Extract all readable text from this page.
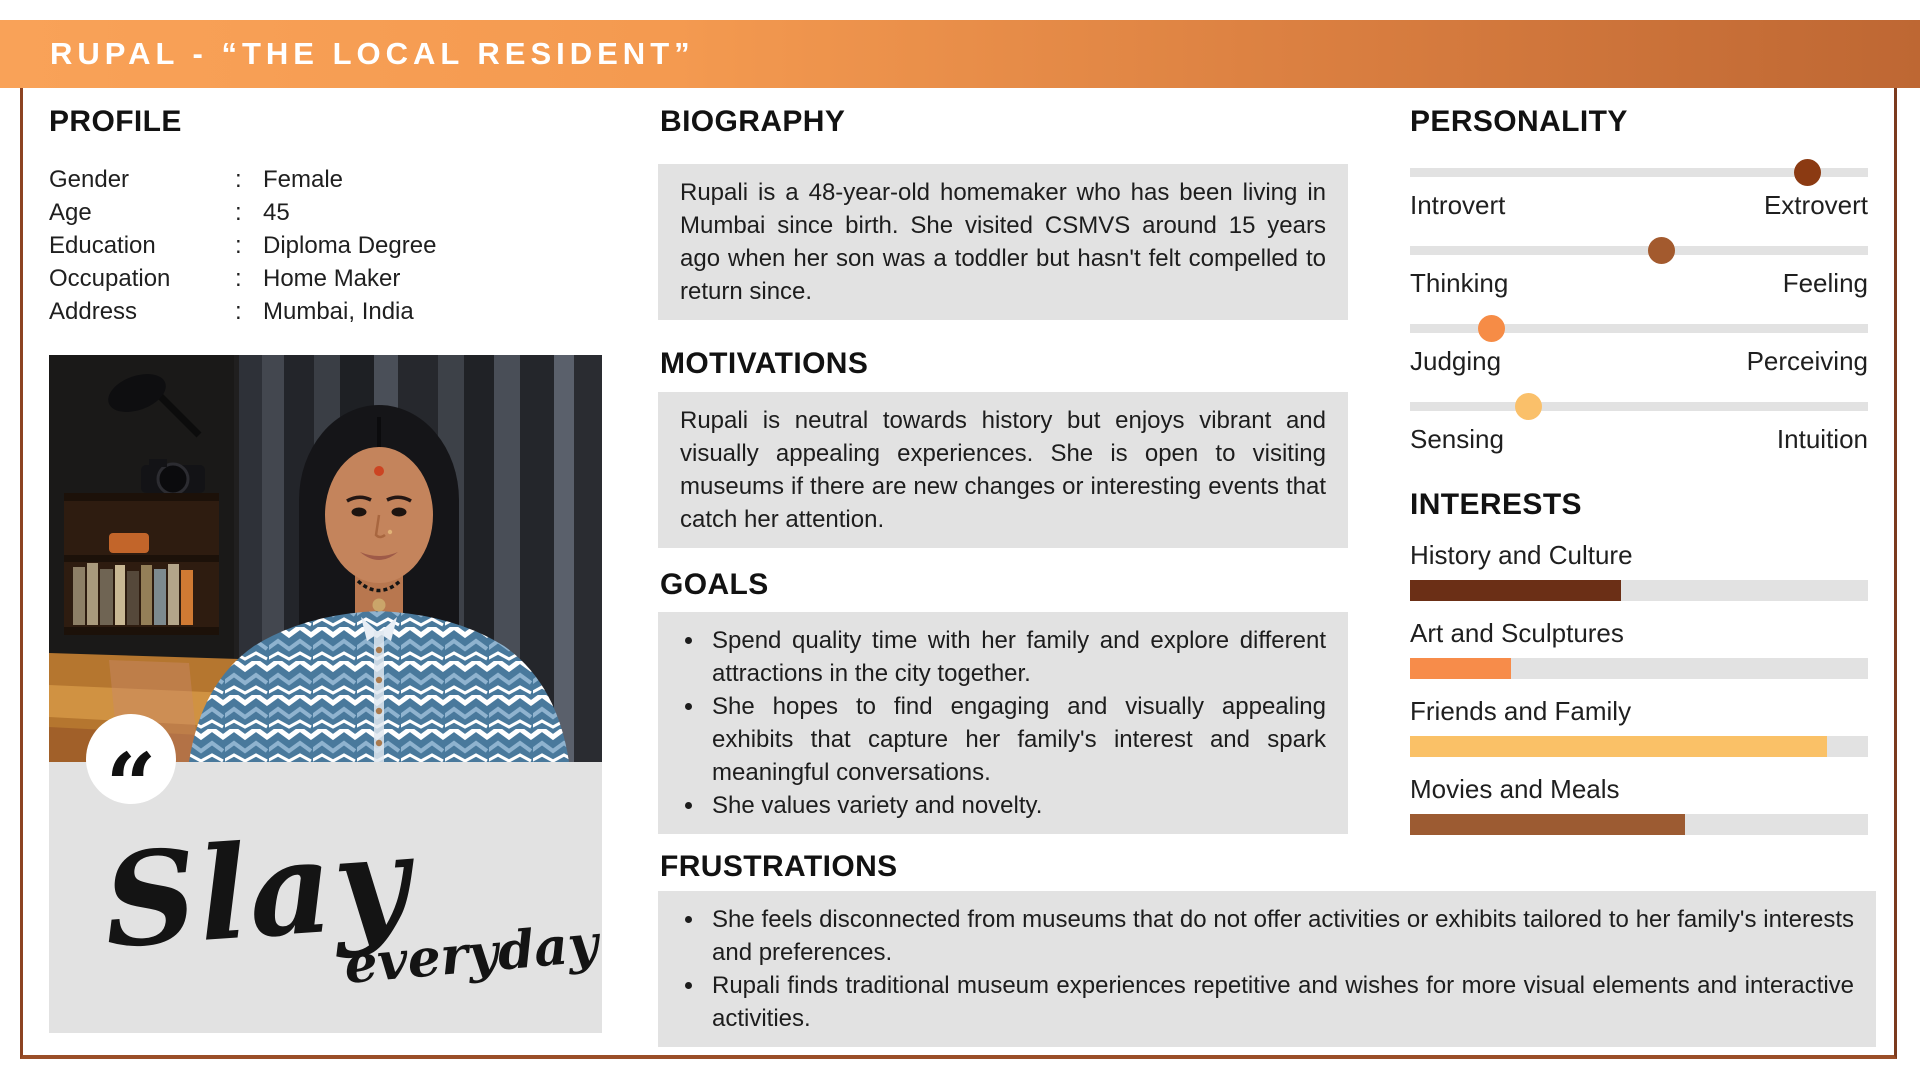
RUPAL - “THE LOCAL RESIDENT”
PROFILE
Gender	: Female
Age	: 45
Education	: Diploma Degree
Occupation	: Home Maker
Address	: Mumbai, India
Slay
everyday
“
BIOGRAPHY

Rupali is a 48-year-old homemaker who has been living in Mumbai since birth. She visited CSMVS around 15 years ago when her son was a toddler but hasn't felt compelled to return since.

MOTIVATIONS

Rupali is neutral towards history but enjoys vibrant and visually appealing experiences. She is open to visiting museums if there are new changes or interesting events that catch her attention.

GOALS
• Spend quality time with her family and explore different attractions in the city together.
• She hopes to find engaging and visually appealing exhibits that capture her family's interest and spark meaningful conversations.
• She values variety and novelty.
FRUSTRATIONS
• She feels disconnected from museums that do not offer activities or exhibits tailored to her family's interests and preferences.
• Rupali finds traditional museum experiences repetitive and wishes for more visual elements and interactive activities.
PERSONALITY
Introvert	Extrovert
Thinking	Feeling
Judging	Perceiving
Sensing	Intuition
INTERESTS
History and Culture
Art and Sculptures
Friends and Family
Movies and Meals
